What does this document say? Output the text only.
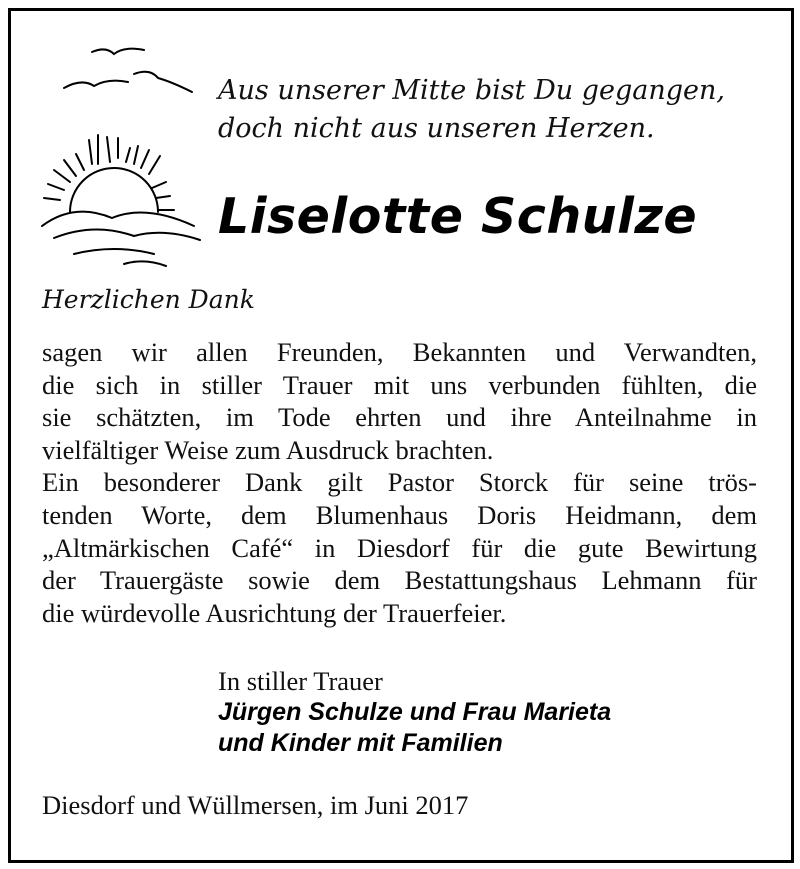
Aus unserer Mitte bist Du gegangen,
doch nicht aus unseren Herzen.
Liselotte Schulze
Herzlichen Dank
sagen wir allen Freunden, Bekannten und Verwandten,
die sich in stiller Trauer mit uns verbunden fühlten, die
sie schätzten, im Tode ehrten und ihre Anteilnahme in
vielfältiger Weise zum Ausdruck brachten.
Ein besonderer Dank gilt Pastor Storck für seine trös-
tenden Worte, dem Blumenhaus Doris Heidmann, dem
„Altmärkischen Café“ in Diesdorf für die gute Bewirtung
der Trauergäste sowie dem Bestattungshaus Lehmann für
die würdevolle Ausrichtung der Trauerfeier.
In stiller Trauer
Jürgen Schulze und Frau Marieta
und Kinder mit Familien
Diesdorf und Wüllmersen, im Juni 2017
